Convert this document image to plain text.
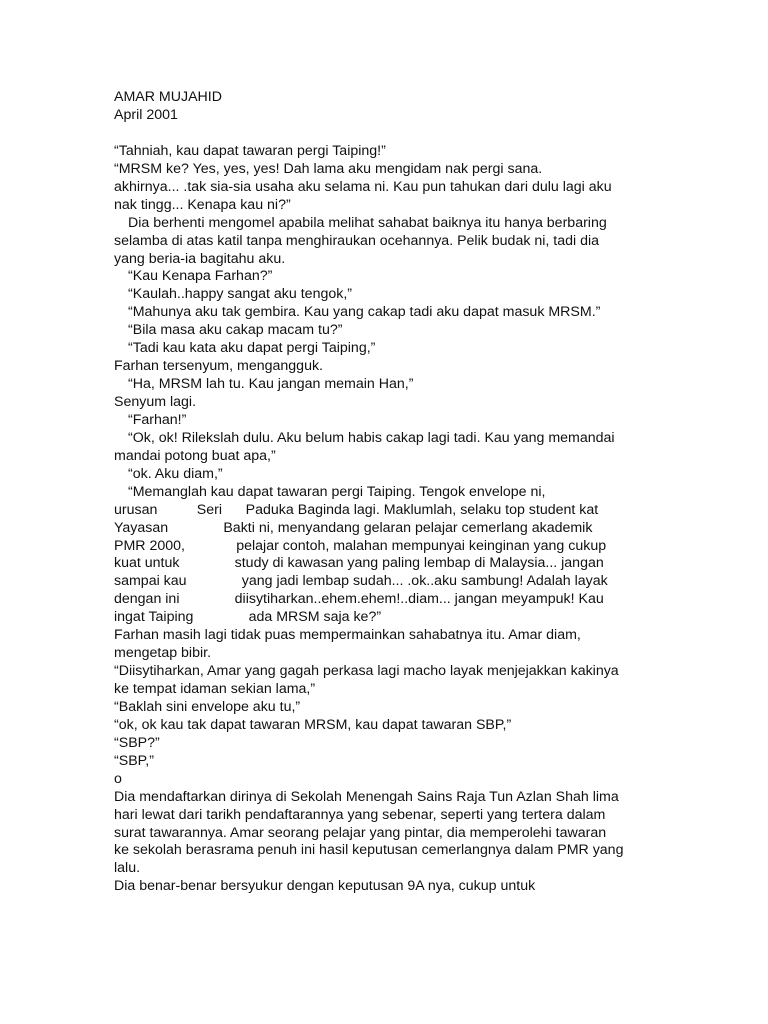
AMAR MUJAHID
April 2001
“Tahniah, kau dapat tawaran pergi Taiping!”
“MRSM ke? Yes, yes, yes! Dah lama aku mengidam nak pergi sana.
akhirnya... .tak sia-sia usaha aku selama ni. Kau pun tahukan dari dulu lagi aku
nak tingg... Kenapa kau ni?”
Dia berhenti mengomel apabila melihat sahabat baiknya itu hanya berbaring
selamba di atas katil tanpa menghiraukan ocehannya. Pelik budak ni, tadi dia
yang beria-ia bagitahu aku.
“Kau Kenapa Farhan?”
“Kaulah..happy sangat aku tengok,”
“Mahunya aku tak gembira. Kau yang cakap tadi aku dapat masuk MRSM.”
“Bila masa aku cakap macam tu?”
“Tadi kau kata aku dapat pergi Taiping,”
Farhan tersenyum, mengangguk.
“Ha, MRSM lah tu. Kau jangan memain Han,”
Senyum lagi.
“Farhan!”
“Ok, ok! Rilekslah dulu. Aku belum habis cakap lagi tadi. Kau yang memandai
mandai potong buat apa,”
“ok. Aku diam,”
“Memanglah kau dapat tawaran pergi Taiping. Tengok envelope ni,
urusan          Seri      Paduka Baginda lagi. Maklumlah, selaku top student kat
Yayasan              Bakti ni, menyandang gelaran pelajar cemerlang akademik
PMR 2000,             pelajar contoh, malahan mempunyai keinginan yang cukup
kuat untuk              study di kawasan yang paling lembap di Malaysia... jangan
sampai kau              yang jadi lembap sudah... .ok..aku sambung! Adalah layak
dengan ini              diisytiharkan..ehem.ehem!..diam... jangan meyampuk! Kau
ingat Taiping              ada MRSM saja ke?”
Farhan masih lagi tidak puas mempermainkan sahabatnya itu. Amar diam,
mengetap bibir.
“Diisytiharkan, Amar yang gagah perkasa lagi macho layak menjejakkan kakinya
ke tempat idaman sekian lama,”
“Baklah sini envelope aku tu,”
“ok, ok kau tak dapat tawaran MRSM, kau dapat tawaran SBP,”
“SBP?”
“SBP,”
o
Dia mendaftarkan dirinya di Sekolah Menengah Sains Raja Tun Azlan Shah lima
hari lewat dari tarikh pendaftarannya yang sebenar, seperti yang tertera dalam
surat tawarannya. Amar seorang pelajar yang pintar, dia memperolehi tawaran
ke sekolah berasrama penuh ini hasil keputusan cemerlangnya dalam PMR yang
lalu.
Dia benar-benar bersyukur dengan keputusan 9A nya, cukup untuk
